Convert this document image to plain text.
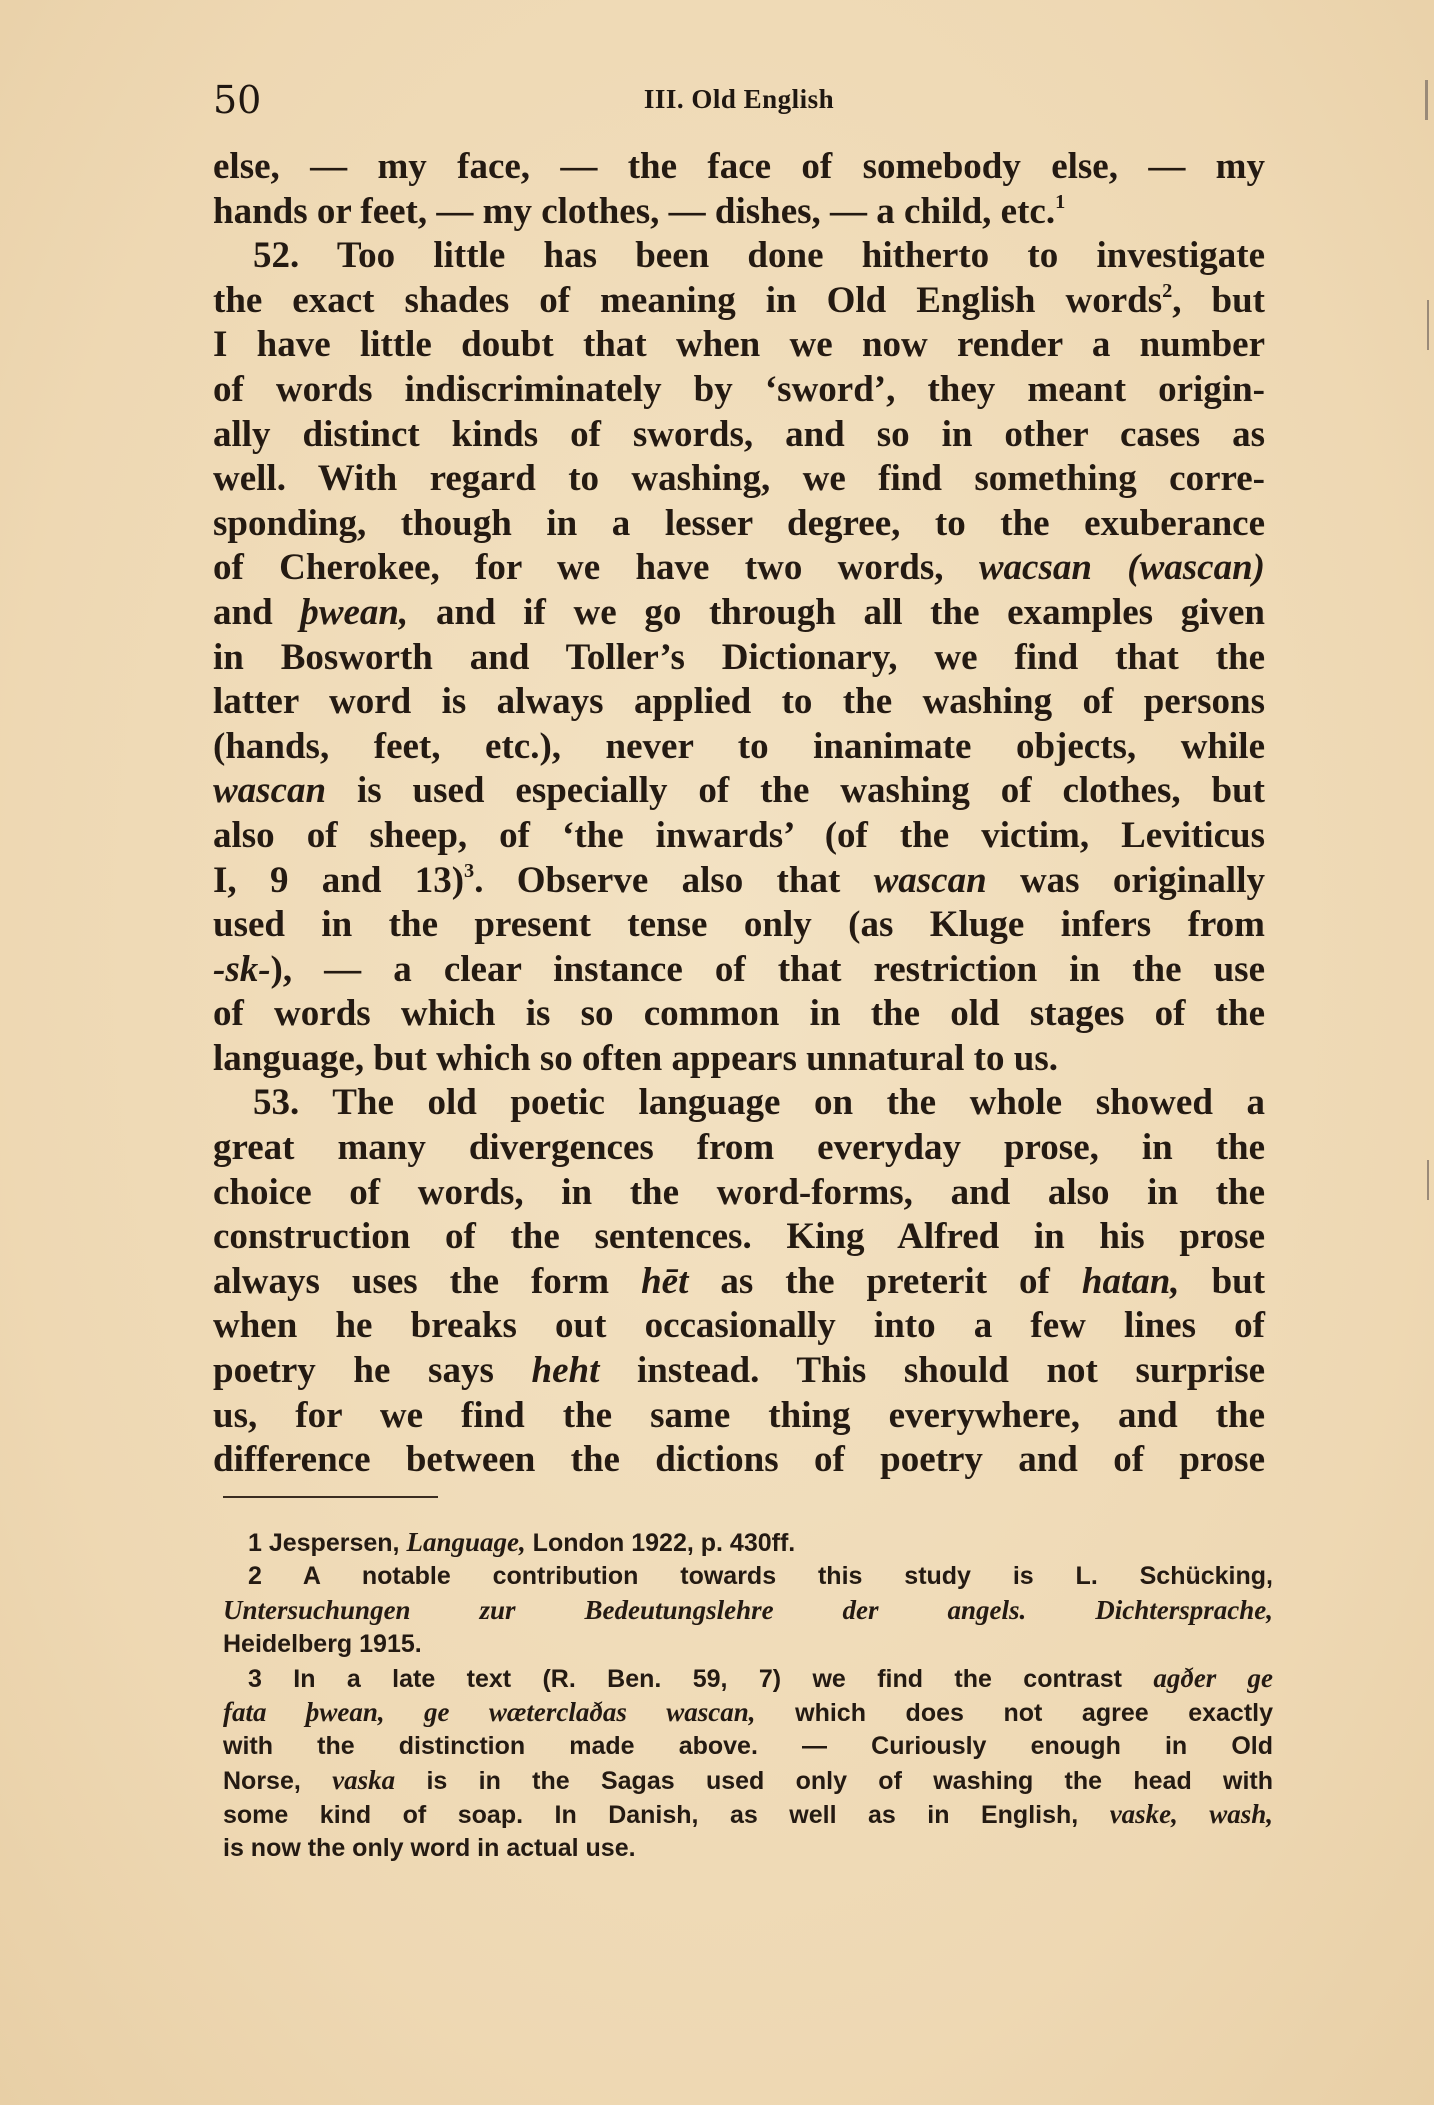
50	III. Old English
else, — my face, — the face of somebody else, — my
hands or feet, — my clothes, — dishes, — a child, etc.$^1$
52. Too little has been done hitherto to investigate
the exact shades of meaning in Old English words$^2$, but
I have little doubt that when we now render a number
of words indiscriminately by ‘sword’, they meant origin-
ally distinct kinds of swords, and so in other cases as
well. With regard to washing, we find something corre-
sponding, though in a lesser degree, to the exuberance
of Cherokee, for we have two words, wacsan (wascan)
and þwean, and if we go through all the examples given
in Bosworth and Toller’s Dictionary, we find that the
latter word is always applied to the washing of persons
(hands, feet, etc.), never to inanimate objects, while
wascan is used especially of the washing of clothes, but
also of sheep, of ‘the inwards’ (of the victim, Leviticus
I, 9 and 13)$^3$. Observe also that wascan was originally
used in the present tense only (as Kluge infers from
-sk-), — a clear instance of that restriction in the use
of words which is so common in the old stages of the
language, but which so often appears unnatural to us.
53. The old poetic language on the whole showed a
great many divergences from everyday prose, in the
choice of words, in the word-forms, and also in the
construction of the sentences. King Alfred in his prose
always uses the form hēt as the preterit of hatan, but
when he breaks out occasionally into a few lines of
poetry he says heht instead. This should not surprise
us, for we find the same thing everywhere, and the
difference between the dictions of poetry and of prose
1 Jespersen, Language, London 1922, p. 430ff.
2 A notable contribution towards this study is L. Schücking,
Untersuchungen zur Bedeutungslehre der angels. Dichtersprache,
Heidelberg 1915.
3 In a late text (R. Ben. 59, 7) we find the contrast agðer ge
fata þwean, ge wæterclaðas wascan, which does not agree exactly
with the distinction made above. — Curiously enough in Old
Norse, vaska is in the Sagas used only of washing the head with
some kind of soap. In Danish, as well as in English, vaske, wash,
is now the only word in actual use.
